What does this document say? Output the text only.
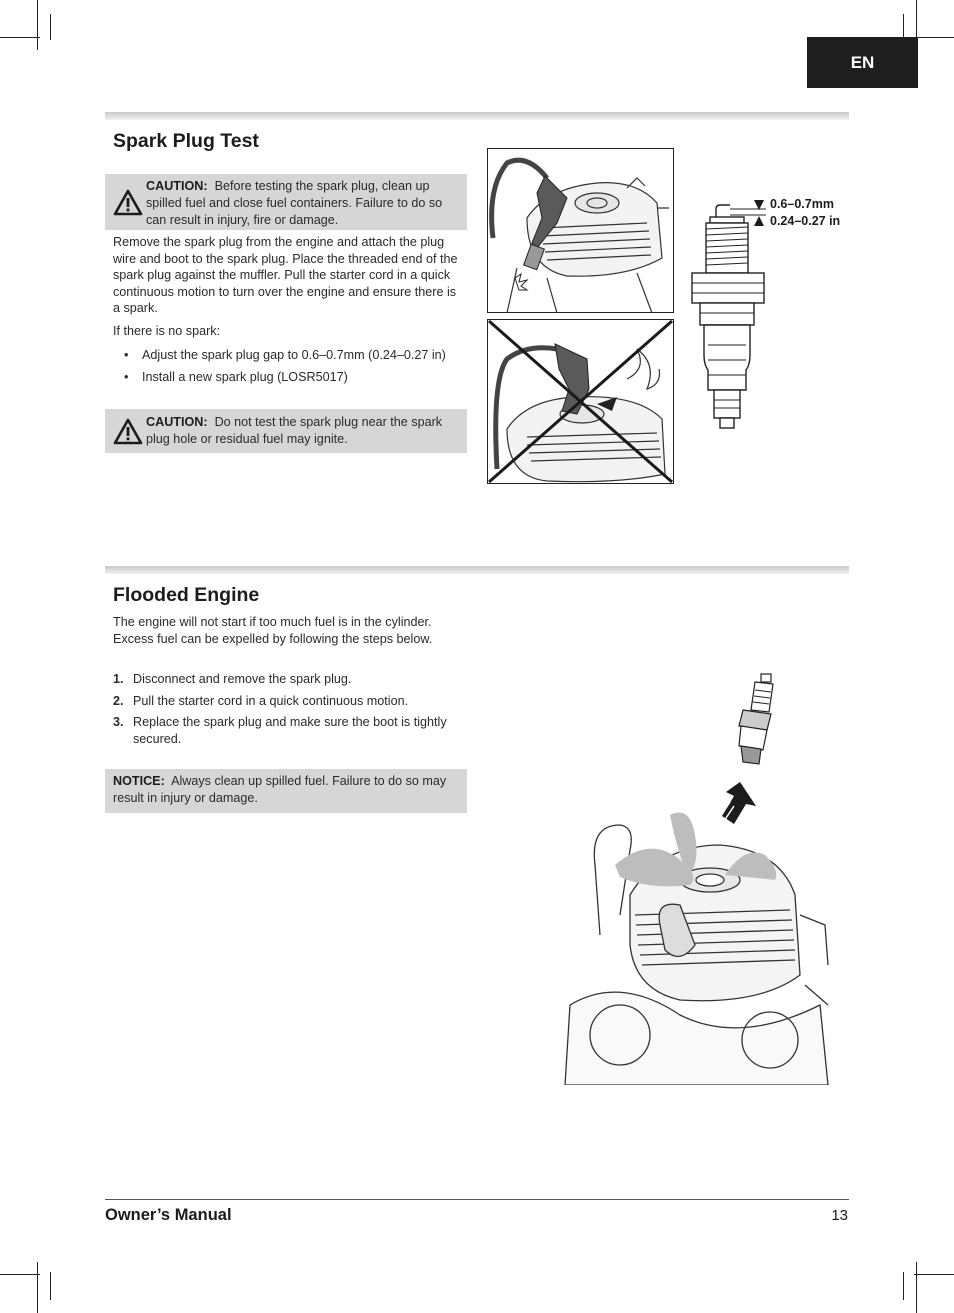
EN
Spark Plug Test
CAUTION: Before testing the spark plug, clean up spilled fuel and close fuel containers. Failure to do so can result in injury, fire or damage.
Remove the spark plug from the engine and attach the plug wire and boot to the spark plug. Place the threaded end of the spark plug against the muffler. Pull the starter cord in a quick continuous motion to turn over the engine and ensure there is a spark.
If there is no spark:
• Adjust the spark plug gap to 0.6–0.7mm (0.24–0.27 in)
• Install a new spark plug (LOSR5017)
CAUTION: Do not test the spark plug near the spark plug hole or residual fuel may ignite.
0.6–0.7mm
0.24–0.27 in
Flooded Engine
The engine will not start if too much fuel is in the cylinder. Excess fuel can be expelled by following the steps below.
1. Disconnect and remove the spark plug.
2. Pull the starter cord in a quick continuous motion.
3. Replace the spark plug and make sure the boot is tightly secured.
NOTICE: Always clean up spilled fuel. Failure to do so may result in injury or damage.
Owner’s Manual	13
